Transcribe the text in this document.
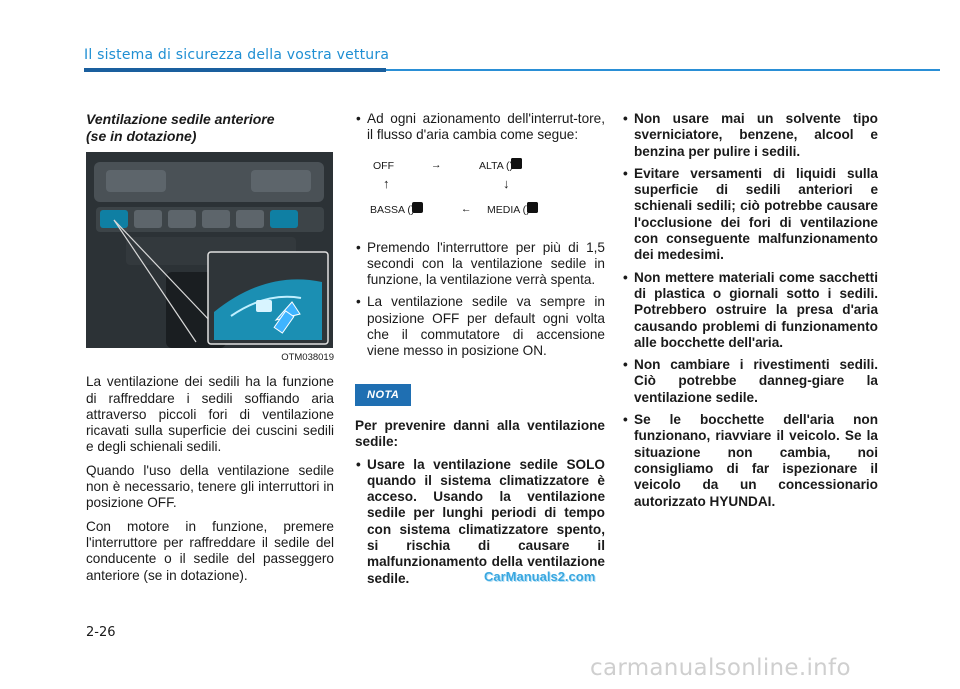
Il sistema di sicurezza della vostra vettura
Ventilazione sedile anteriore
(se in dotazione)
OTM038019

La ventilazione dei sedili ha la funzione di raffreddare i sedili soffiando aria attraverso piccoli fori di ventilazione ricavati sulla superficie dei cuscini sedili e degli schienali sedili.

Quando l'uso della ventilazione sedile non è necessario, tenere gli interruttori in posizione OFF.

Con motore in funzione, premere l'interruttore per raffreddare il sedile del conducente o il sedile del passeggero anteriore (se in dotazione).

• Ad ogni azionamento dell'interrut-tore, il flusso d'aria cambia come segue:
OFF	→	ALTA (
↑	↓
BASSA (	← MEDIA (
• Premendo l'interruttore per più di 1,5 secondi con la ventilazione sedile in funzione, la ventilazione verrà spenta.
• La ventilazione sedile va sempre in posizione OFF per default ogni volta che il commutatore di accensione viene messo in posizione ON.
NOTA
Per prevenire danni alla ventilazione sedile:
• Usare la ventilazione sedile SOLO quando il sistema climatizzatore è acceso. Usando la ventilazione sedile per lunghi periodi di tempo con sistema climatizzatore spento, si rischia di causare il malfunzionamento della ventilazione sedile.
• Non usare mai un solvente tipo sverniciatore, benzene, alcool e benzina per pulire i sedili.
• Evitare versamenti di liquidi sulla superficie di sedili anteriori e schienali sedili; ciò potrebbe causare l'occlusione dei fori di ventilazione con conseguente malfunzionamento dei medesimi.
• Non mettere materiali come sacchetti di plastica o giornali sotto i sedili. Potrebbero ostruire la presa d'aria causando problemi di funzionamento alle bocchette dell'aria.
• Non cambiare i rivestimenti sedili. Ciò potrebbe danneg-giare la ventilazione sedile.
• Se le bocchette dell'aria non funzionano, riavviare il veicolo. Se la situazione non cambia, noi consigliamo di far ispezionare il veicolo da un concessionario autorizzato HYUNDAI.
CarManuals2.com
2-26
carmanualsonline.info
